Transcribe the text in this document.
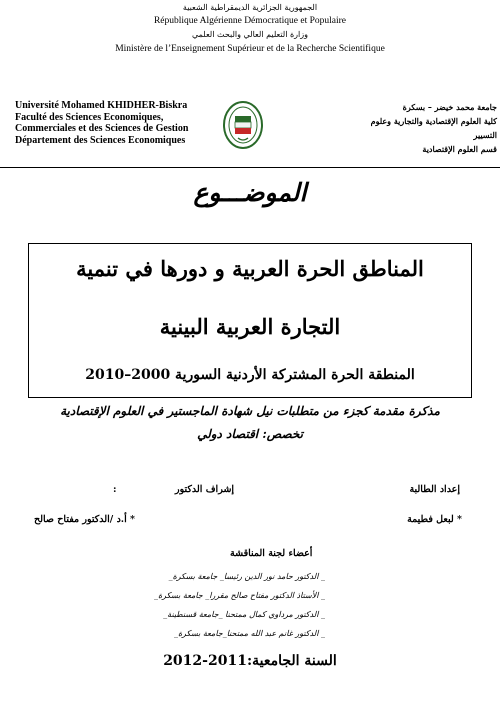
الجمهورية الجزائرية الديمقراطية الشعبية
République Algérienne Démocratique et Populaire
وزارة التعليم العالي والبحث العلمي
Ministère de l’Enseignement Supérieur et de la Recherche Scientifique
Université Mohamed KHIDHER-Biskra
Faculté des Sciences Economiques,
Commerciales et des Sciences de Gestion
Département des Sciences Economiques
جامعة محمد خيضر – بسكرة
كلية العلوم الإقتصادية والتجارية وعلوم التسيير
قسم العلوم الإقتصادية
الموضـــوع
المناطق الحرة العربية و دورها في تنمية
التجارة العربية البينية
المنطقة الحرة المشتركة الأردنية السورية 2000–2010
مذكرة مقدمة كجزء من متطلبات نيل شهادة الماجستير في العلوم الإقتصادية
تخصص: اقتصاد دولي
إعداد الطالبة
إشراف الدكتور
:
* لبعل فطيمة
* أ.د /الدكتور مفتاح صالح
أعضاء لجنة المناقشة
_ الدكتور حامد نور الدين رئيسا_ جامعة بسكرة_
_ الأستاذ الدكتور مفتاح صالح مقررا_ جامعة بسكرة_
_ الدكتور مرداوي كمال ممتحنا _جامعة قسنطينة_
_ الدكتور غانم عبد الله ممتحنا_جامعة بسكرة_
السنة الجامعية:2011-2012
